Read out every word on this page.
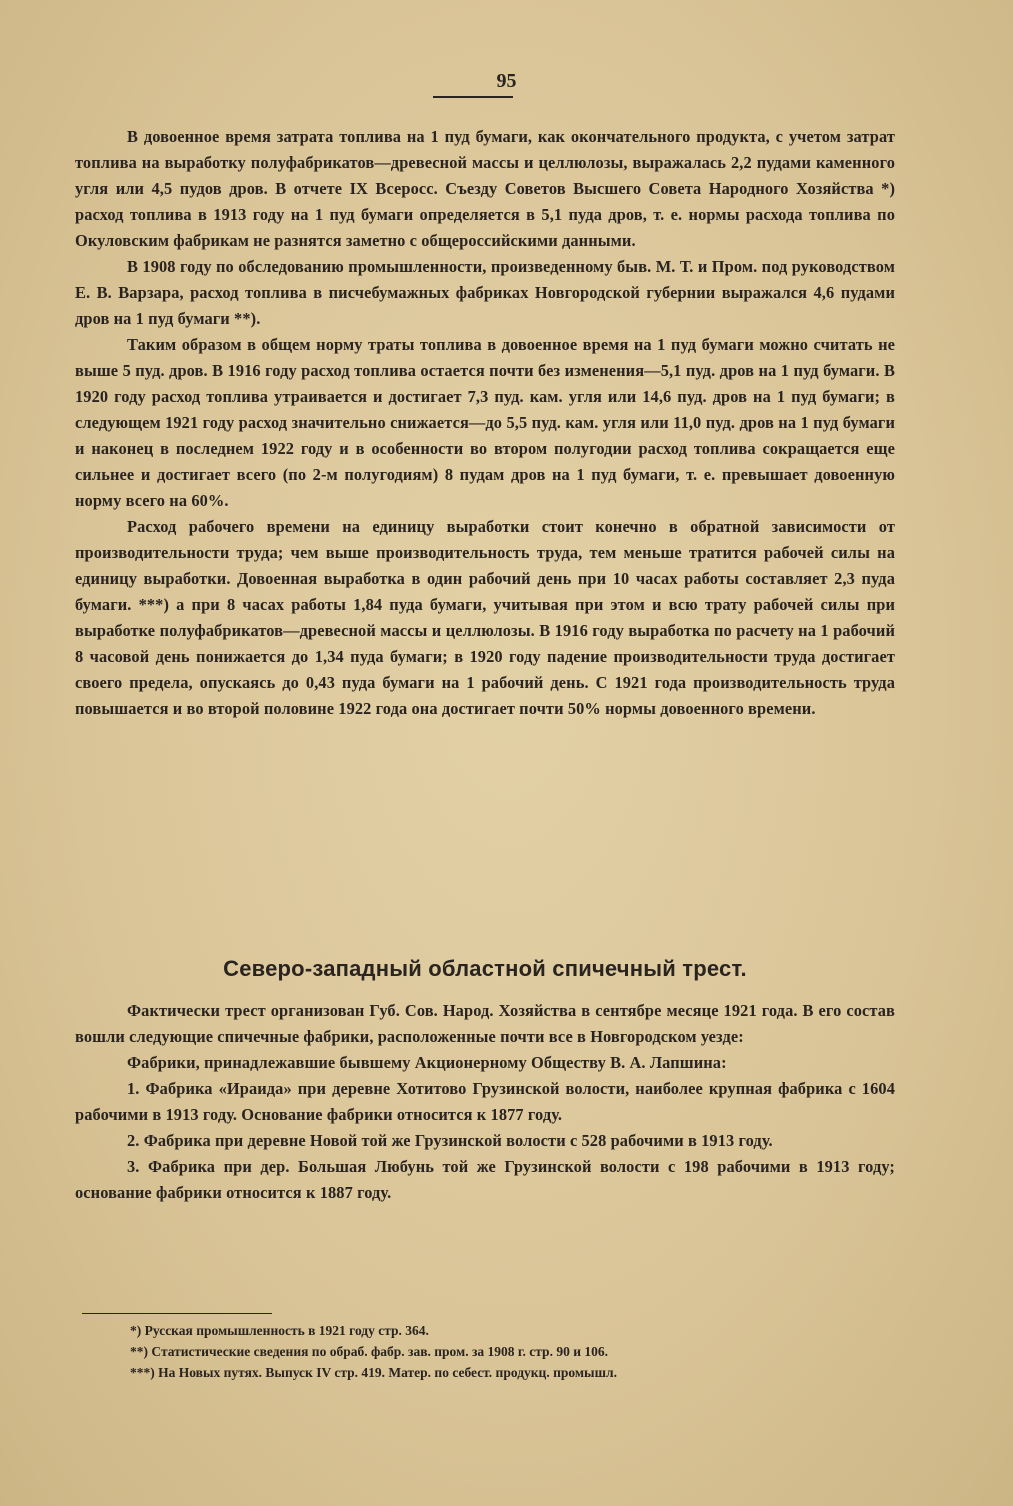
95

В довоенное время затрата топлива на 1 пуд бумаги, как окончательного продукта, с учетом затрат топлива на выработку полуфабрикатов—древесной массы и целлюлозы, выражалась 2,2 пудами каменного угля или 4,5 пудов дров. В отчете IX Всеросс. Съезду Советов Высшего Совета Народного Хозяйства *) расход топлива в 1913 году на 1 пуд бумаги определяется в 5,1 пуда дров, т. е. нормы расхода топлива по Окуловским фабрикам не разнятся заметно с общероссийскими данными.

В 1908 году по обследованию промышленности, произведенному быв. М. Т. и Пром. под руководством Е. В. Варзара, расход топлива в писчебумажных фабриках Новгородской губернии выражался 4,6 пудами дров на 1 пуд бумаги **).

Таким образом в общем норму траты топлива в довоенное время на 1 пуд бумаги можно считать не выше 5 пуд. дров. В 1916 году расход топлива остается почти без изменения—5,1 пуд. дров на 1 пуд бумаги. В 1920 году расход топлива утраивается и достигает 7,3 пуд. кам. угля или 14,6 пуд. дров на 1 пуд бумаги; в следующем 1921 году расход значительно снижается—до 5,5 пуд. кам. угля или 11,0 пуд. дров на 1 пуд бумаги и наконец в последнем 1922 году и в особенности во втором полугодии расход топлива сокращается еще сильнее и достигает всего (по 2-м полугодиям) 8 пудам дров на 1 пуд бумаги, т. е. превышает довоенную норму всего на 60%.

Расход рабочего времени на единицу выработки стоит конечно в обратной зависимости от производительности труда; чем выше производительность труда, тем меньше тратится рабочей силы на единицу выработки. Довоенная выработка в один рабочий день при 10 часах работы составляет 2,3 пуда бумаги. ***) а при 8 часах работы 1,84 пуда бумаги, учитывая при этом и всю трату рабочей силы при выработке полуфабрикатов—древесной массы и целлюлозы. В 1916 году выработка по расчету на 1 рабочий 8 часовой день понижается до 1,34 пуда бумаги; в 1920 году падение производительности труда достигает своего предела, опускаясь до 0,43 пуда бумаги на 1 рабочий день. С 1921 года производительность труда повышается и во второй половине 1922 года она достигает почти 50% нормы довоенного времени.

Северо-западный областной спичечный трест.

Фактически трест организован Губ. Сов. Народ. Хозяйства в сентябре месяце 1921 года. В его состав вошли следующие спичечные фабрики, расположенные почти все в Новгородском уезде:

Фабрики, принадлежавшие бывшему Акционерному Обществу В. А. Лапшина:

1. Фабрика «Ираида» при деревне Хотитово Грузинской волости, наиболее крупная фабрика с 1604 рабочими в 1913 году. Основание фабрики относится к 1877 году.

2. Фабрика при деревне Новой той же Грузинской волости с 528 рабочими в 1913 году.

3. Фабрика при дер. Большая Любунь той же Грузинской волости с 198 рабочими в 1913 году; основание фабрики относится к 1887 году.

*) Русская промышленность в 1921 году стр. 364.
**) Статистические сведения по обраб. фабр. зав. пром. за 1908 г. стр. 90 и 106.
***) На Новых путях. Выпуск IV стр. 419. Матер. по себест. продукц. промышл.
